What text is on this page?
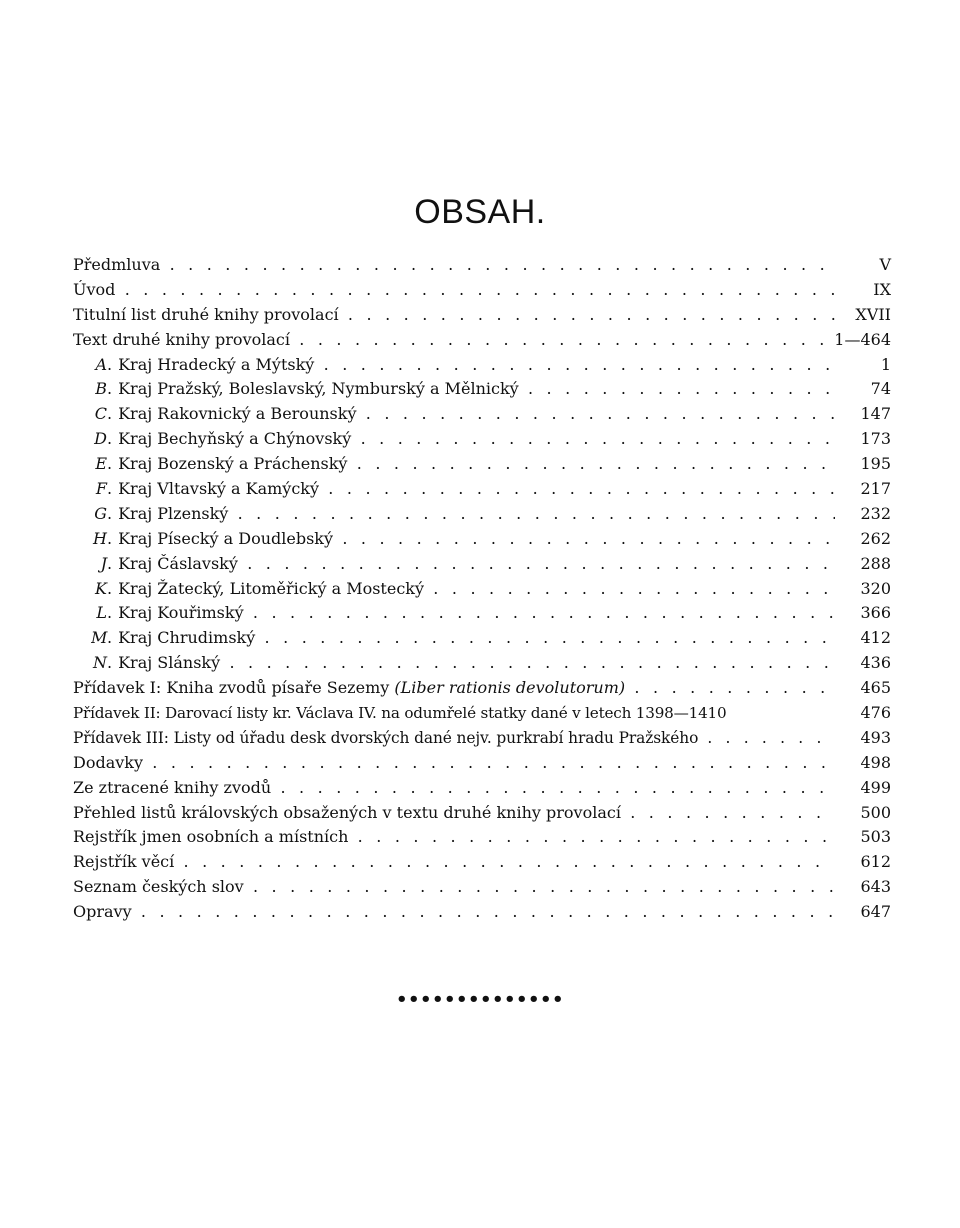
OBSAH.
Předmluva . . .	V
Úvod . . .	IX
Titulní list druhé knihy provolací . . .	XVII
Text druhé knihy provolací . . .	1—464
A. Kraj Hradecký a Mýtský . . .	1
B. Kraj Pražský, Boleslavský, Nymburský a Mělnický . . .	74
C. Kraj Rakovnický a Berounský . . .	147
D. Kraj Bechyňský a Chýnovský . . .	173
E. Kraj Bozenský a Práchenský . . .	195
F. Kraj Vltavský a Kamýcký . . .	217
G. Kraj Plzenský . . .	232
H. Kraj Písecký a Doudlebský . . .	262
J. Kraj Čáslavský . . .	288
K. Kraj Žatecký, Litoměřický a Mostecký . . .	320
L. Kraj Kouřimský . . .	366
M. Kraj Chrudimský . . .	412
N. Kraj Slánský . . .	436
Přídavek I: Kniha zvodů písaře Sezemy (Liber rationis devolutorum) . . .	465
Přídavek II: Darovací listy kr. Václava IV. na odumřelé statky dané v letech 1398—1410	476
Přídavek III: Listy od úřadu desk dvorských dané nejv. purkrabí hradu Pražského . . .	493
Dodavky . . .	498
Ze ztracené knihy zvodů . . .	499
Přehled listů královských obsažených v textu druhé knihy provolací . . .	500
Rejstřík jmen osobních a místních . . .	503
Rejstřík věcí . . .	612
Seznam českých slov . . .	643
Opravy . . .	647
••••••••••••••
